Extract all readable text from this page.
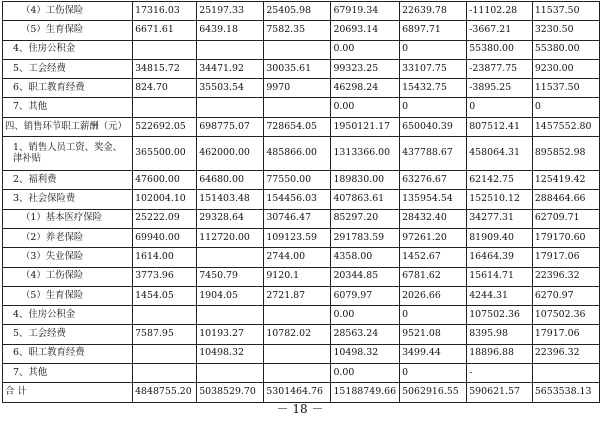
（4）工伤保险	17316.03	25197.33	25405.98	67919.34	22639.78	-11102.28	11537.50
（5）生育保险	6671.61	6439.18	7582.35	20693.14	6897.71	-3667.21	3230.50
4、住房公积金				0.00	0	55380.00	55380.00
5、工会经费	34815.72	34471.92	30035.61	99323.25	33107.75	-23877.75	9230.00
6、职工教育经费	824.70	35503.54	9970	46298.24	15432.75	-3895.25	11537.50
7、其他				0.00	0	0	0
四、销售环节职工薪酬（元）	522692.05	698775.07	728654.05	1950121.17	650040.39	807512.41	1457552.80
1、销售人员工资、奖金、津补贴	365500.00	462000.00	485866.00	1313366.00	437788.67	458064.31	895852.98
2、福利费	47600.00	64680.00	77550.00	189830.00	63276.67	62142.75	125419.42
3、社会保险费	102004.10	151403.48	154456.03	407863.61	135954.54	152510.12	288464.66
（1）基本医疗保险	25222.09	29328.64	30746.47	85297.20	28432.40	34277.31	62709.71
（2）养老保险	69940.00	112720.00	109123.59	291783.59	97261.20	81909.40	179170.60
（3）失业保险	1614.00		2744.00	4358.00	1452.67	16464.39	17917.06
（4）工伤保险	3773.96	7450.79	9120.1	20344.85	6781.62	15614.71	22396.32
（5）生育保险	1454.05	1904.05	2721.87	6079.97	2026.66	4244.31	6270.97
4、住房公积金				0.00	0	107502.36	107502.36
5、工会经费	7587.95	10193.27	10782.02	28563.24	9521.08	8395.98	17917.06
6、职工教育经费		10498.32		10498.32	3499.44	18896.88	22396.32
7、其他				0.00	0	-	
合 计	4848755.20	5038529.70	5301464.76	15188749.66	5062916.55	590621.57	5653538.13
－ 18 －
